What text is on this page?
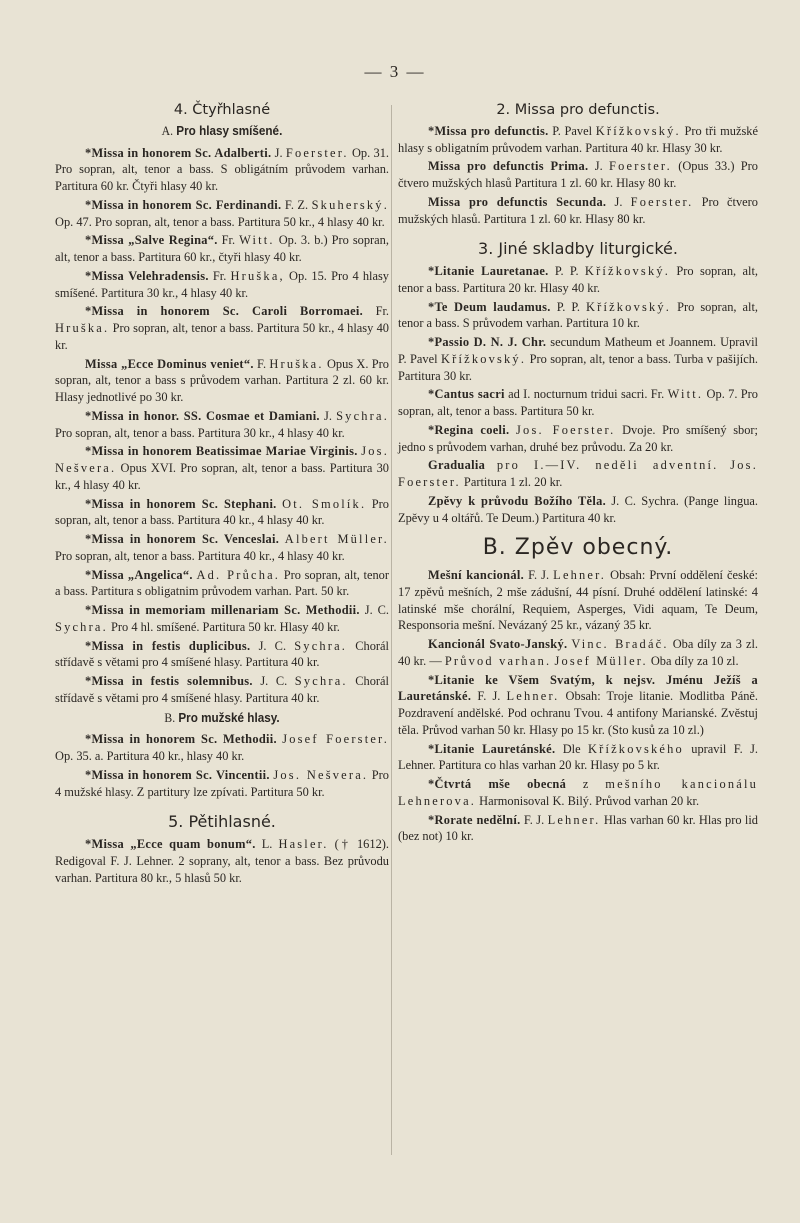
— 3 —
4. Čtyřhlasné
A. Pro hlasy smíšené.

*Missa in honorem Sc. Adalberti. J. Foerster. Op. 31. Pro sopran, alt, tenor a bass. S obligátním průvodem varhan. Partitura 60 kr. Čtyři hlasy 40 kr.

*Missa in honorem Sc. Ferdinandi. F. Z. Skuherský. Op. 47. Pro sopran, alt, tenor a bass. Partitura 50 kr., 4 hlasy 40 kr.

*Missa „Salve Regina“. Fr. Witt. Op. 3. b.) Pro sopran, alt, tenor a bass. Partitura 60 kr., čtyři hlasy 40 kr.

*Missa Velehradensis. Fr. Hruška, Op. 15. Pro 4 hlasy smíšené. Partitura 30 kr., 4 hlasy 40 kr.

*Missa in honorem Sc. Caroli Borromaei. Fr. Hruška. Pro sopran, alt, tenor a bass. Partitura 50 kr., 4 hlasy 40 kr.

Missa „Ecce Dominus veniet“. F. Hruška. Opus X. Pro sopran, alt, tenor a bass s průvodem varhan. Partitura 2 zl. 60 kr. Hlasy jednotlivé po 30 kr.

*Missa in honor. SS. Cosmae et Damiani. J. Sychra. Pro sopran, alt, tenor a bass. Partitura 30 kr., 4 hlasy 40 kr.

*Missa in honorem Beatissimae Mariae Virginis. Jos. Nešvera. Opus XVI. Pro sopran, alt, tenor a bass. Partitura 30 kr., 4 hlasy 40 kr.

*Missa in honorem Sc. Stephani. Ot. Smolík. Pro sopran, alt, tenor a bass. Partitura 40 kr., 4 hlasy 40 kr.

*Missa in honorem Sc. Venceslai. Albert Müller. Pro sopran, alt, tenor a bass. Partitura 40 kr., 4 hlasy 40 kr.

*Missa „Angelica“. Ad. Průcha. Pro sopran, alt, tenor a bass. Partitura s obligatnim průvodem varhan. Part. 50 kr.

*Missa in memoriam millenariam Sc. Methodii. J. C. Sychra. Pro 4 hl. smíšené. Partitura 50 kr. Hlasy 40 kr.

*Missa in festis duplicibus. J. C. Sychra. Chorál střídavě s větami pro 4 smíšené hlasy. Partitura 40 kr.

*Missa in festis solemnibus. J. C. Sychra. Chorál střídavě s větami pro 4 smíšené hlasy. Partitura 40 kr.

B. Pro mužské hlasy.

*Missa in honorem Sc. Methodii. Josef Foerster. Op. 35. a. Partitura 40 kr., hlasy 40 kr.

*Missa in honorem Sc. Vincentii. Jos. Nešvera. Pro 4 mužské hlasy. Z partitury lze zpívati. Partitura 50 kr.

5. Pětihlasné.

*Missa „Ecce quam bonum“. L. Hasler. († 1612). Redigoval F. J. Lehner. 2 soprany, alt, tenor a bass. Bez průvodu varhan. Partitura 80 kr., 5 hlasů 50 kr.

2. Missa pro defunctis.

*Missa pro defunctis. P. Pavel Křížkovský. Pro tři mužské hlasy s obligatním průvodem varhan. Partitura 40 kr. Hlasy 30 kr.

Missa pro defunctis Prima. J. Foerster. (Opus 33.) Pro čtvero mužských hlasů Partitura 1 zl. 60 kr. Hlasy 80 kr.

Missa pro defunctis Secunda. J. Foerster. Pro čtvero mužských hlasů. Partitura 1 zl. 60 kr. Hlasy 80 kr.

3. Jiné skladby liturgické.

*Litanie Lauretanae. P. P. Křížkovský. Pro sopran, alt, tenor a bass. Partitura 20 kr. Hlasy 40 kr.

*Te Deum laudamus. P. P. Křížkovský. Pro sopran, alt, tenor a bass. S průvodem varhan. Partitura 10 kr.

*Passio D. N. J. Chr. secundum Matheum et Joannem. Upravil P. Pavel Křížkovský. Pro sopran, alt, tenor a bass. Turba v pašijích. Partitura 30 kr.

*Cantus sacri ad I. nocturnum tridui sacri. Fr. Witt. Op. 7. Pro sopran, alt, tenor a bass. Partitura 50 kr.

*Regina coeli. Jos. Foerster. Dvoje. Pro smíšený sbor; jedno s průvodem varhan, druhé bez průvodu. Za 20 kr.

Gradualia pro I.—IV. neděli adventní. Jos. Foerster. Partitura 1 zl. 20 kr.

Zpěvy k průvodu Božího Těla. J. C. Sychra. (Pange lingua. Zpěvy u 4 oltářů. Te Deum.) Partitura 40 kr.

B. Zpěv obecný.

Mešní kancionál. F. J. Lehner. Obsah: První oddělení české: 17 zpěvů mešních, 2 mše zádušní, 44 písní. Druhé oddělení latinské: 4 latinské mše chorální, Requiem, Asperges, Vidi aquam, Te Deum, Responsoria mešní. Nevázaný 25 kr., vázaný 35 kr.

Kancionál Svato-Janský. Vinc. Bradáč. Oba díly za 3 zl. 40 kr. — Průvod varhan. Josef Müller. Oba díly za 10 zl.

*Litanie ke Všem Svatým, k nejsv. Jménu Ježíš a Lauretánské. F. J. Lehner. Obsah: Troje litanie. Modlitba Páně. Pozdravení andělské. Pod ochranu Tvou. 4 antifony Marianské. Zvěstuj těla. Průvod varhan 50 kr. Hlasy po 15 kr. (Sto kusů za 10 zl.)

*Litanie Lauretánské. Dle Křížkovského upravil F. J. Lehner. Partitura co hlas varhan 20 kr. Hlasy po 5 kr.

*Čtvrtá mše obecná z mešního kancionálu Lehnerova. Harmonisoval K. Bilý. Průvod varhan 20 kr.

*Rorate nedělní. F. J. Lehner. Hlas varhan 60 kr. Hlas pro lid (bez not) 10 kr.
